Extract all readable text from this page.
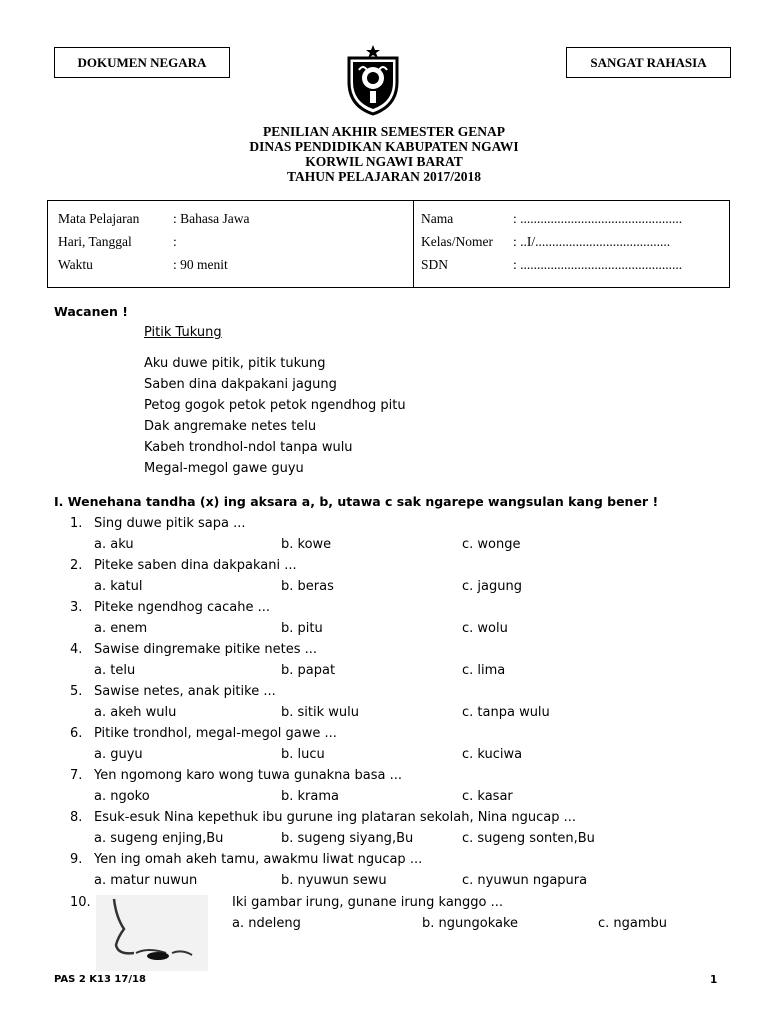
DOKUMEN NEGARA	SANGAT RAHASIA
PENILIAN AKHIR SEMESTER GENAP
DINAS PENDIDIKAN KABUPATEN NGAWI
KORWIL NGAWI BARAT
TAHUN PELAJARAN 2017/2018
Mata Pelajaran : Bahasa Jawa
Hari, Tanggal	:
Waktu	: 90 menit
Nama	: ................................................
Kelas/Nomer : ..I/........................................
SDN	: ................................................
Wacanen !
Pitik Tukung
Aku duwe pitik, pitik tukung
Saben dina dakpakani jagung
Petog gogok petok petok ngendhog pitu
Dak angremake netes telu
Kabeh trondhol-ndol tanpa wulu
Megal-megol gawe guyu
I. Wenehana tandha (x) ing aksara a, b, utawa c sak ngarepe wangsulan kang bener !
1. Sing duwe pitik sapa ...
a. aku	b. kowe	c. wonge
2. Piteke saben dina dakpakani ...
a. katul	b. beras	c. jagung
3. Piteke ngendhog cacahe ...
a. enem	b. pitu	c. wolu
4. Sawise dingremake pitike netes ...
a. telu	b. papat	c. lima
5. Sawise netes, anak pitike ...
a. akeh wulu	b. sitik wulu	c. tanpa wulu
6. Pitike trondhol, megal-megol gawe ...
a. guyu	b. lucu	c. kuciwa
7. Yen ngomong karo wong tuwa gunakna basa ...
a. ngoko	b. krama	c. kasar
8. Esuk-esuk Nina kepethuk ibu gurune ing plataran sekolah, Nina ngucap ...
a. sugeng enjing,Bu	b. sugeng siyang,Bu	c. sugeng sonten,Bu
9. Yen ing omah akeh tamu, awakmu liwat ngucap ...
a. matur nuwun	b. nyuwun sewu	c. nyuwun ngapura
10.	Iki gambar irung, gunane irung kanggo ...
a. ndeleng	b. ngungokake	c. ngambu
PAS 2 K13 17/18	1
